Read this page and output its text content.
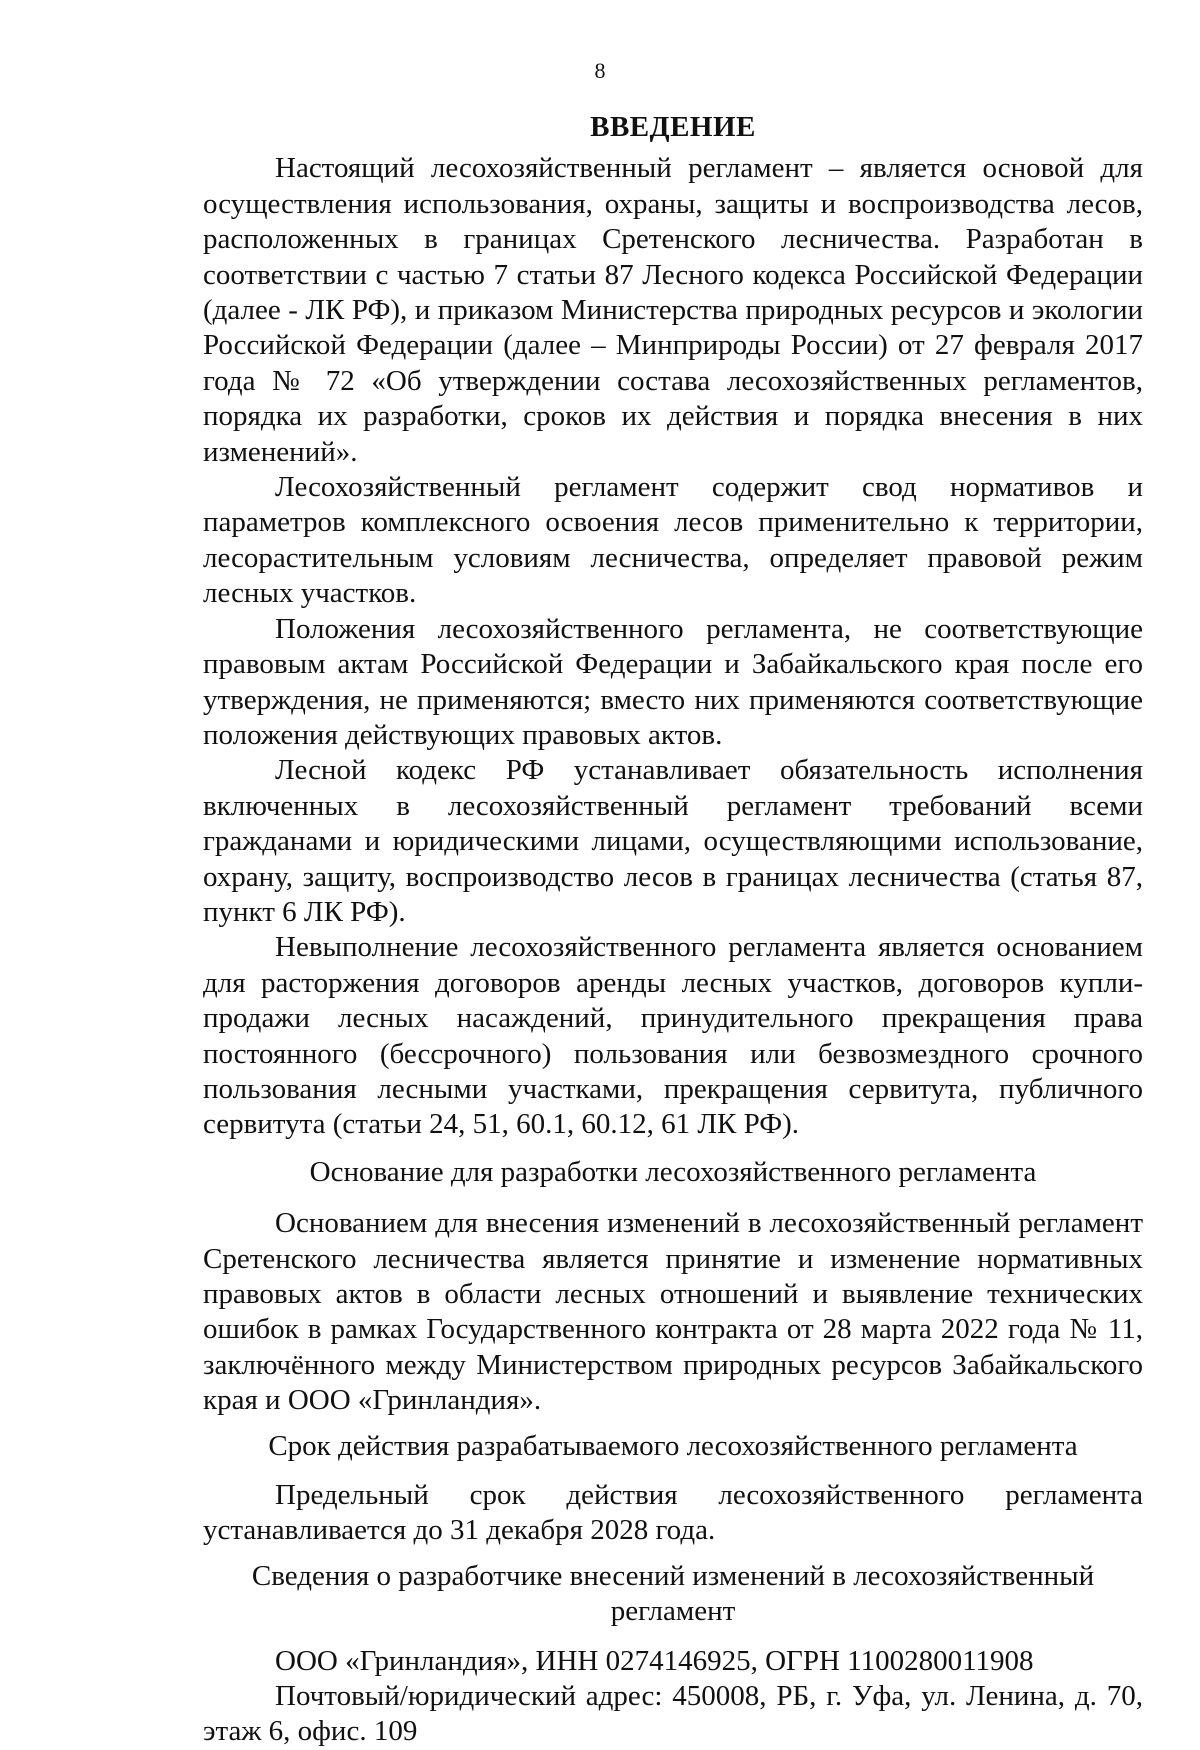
8
ВВЕДЕНИЕ

Настоящий лесохозяйственный регламент – является основой для осуществления использования, охраны, защиты и воспроизводства лесов, расположенных в границах Сретенского лесничества. Разработан в соответствии с частью 7 статьи 87 Лесного кодекса Российской Федерации (далее - ЛК РФ), и приказом Министерства природных ресурсов и экологии Российской Федерации (далее – Минприроды России) от 27 февраля 2017 года № 72 «Об утверждении состава лесохозяйственных регламентов, порядка их разработки, сроков их действия и порядка внесения в них изменений».

Лесохозяйственный регламент содержит свод нормативов и параметров комплексного освоения лесов применительно к территории, лесорастительным условиям лесничества, определяет правовой режим лесных участков.

Положения лесохозяйственного регламента, не соответствующие правовым актам Российской Федерации и Забайкальского края после его утверждения, не применяются; вместо них применяются соответствующие положения действующих правовых актов.

Лесной кодекс РФ устанавливает обязательность исполнения включенных в лесохозяйственный регламент требований всеми гражданами и юридическими лицами, осуществляющими использование, охрану, защиту, воспроизводство лесов в границах лесничества (статья 87, пункт 6 ЛК РФ).

Невыполнение лесохозяйственного регламента является основанием для расторжения договоров аренды лесных участков, договоров купли-продажи лесных насаждений, принудительного прекращения права постоянного (бессрочного) пользования или безвозмездного срочного пользования лесными участками, прекращения сервитута, публичного сервитута (статьи 24, 51, 60.1, 60.12, 61 ЛК РФ).

Основание для разработки лесохозяйственного регламента

Основанием для внесения изменений в лесохозяйственный регламент Сретенского лесничества является принятие и изменение нормативных правовых актов в области лесных отношений и выявление технических ошибок в рамках Государственного контракта от 28 марта 2022 года № 11, заключённого между Министерством природных ресурсов Забайкальского края и ООО «Гринландия».

Срок действия разрабатываемого лесохозяйственного регламента

Предельный срок действия лесохозяйственного регламента устанавливается до 31 декабря 2028 года.

Сведения о разработчике внесений изменений в лесохозяйственный регламент

ООО «Гринландия», ИНН 0274146925, ОГРН 1100280011908

Почтовый/юридический адрес: 450008, РБ, г. Уфа, ул. Ленина, д. 70, этаж 6, офис. 109
